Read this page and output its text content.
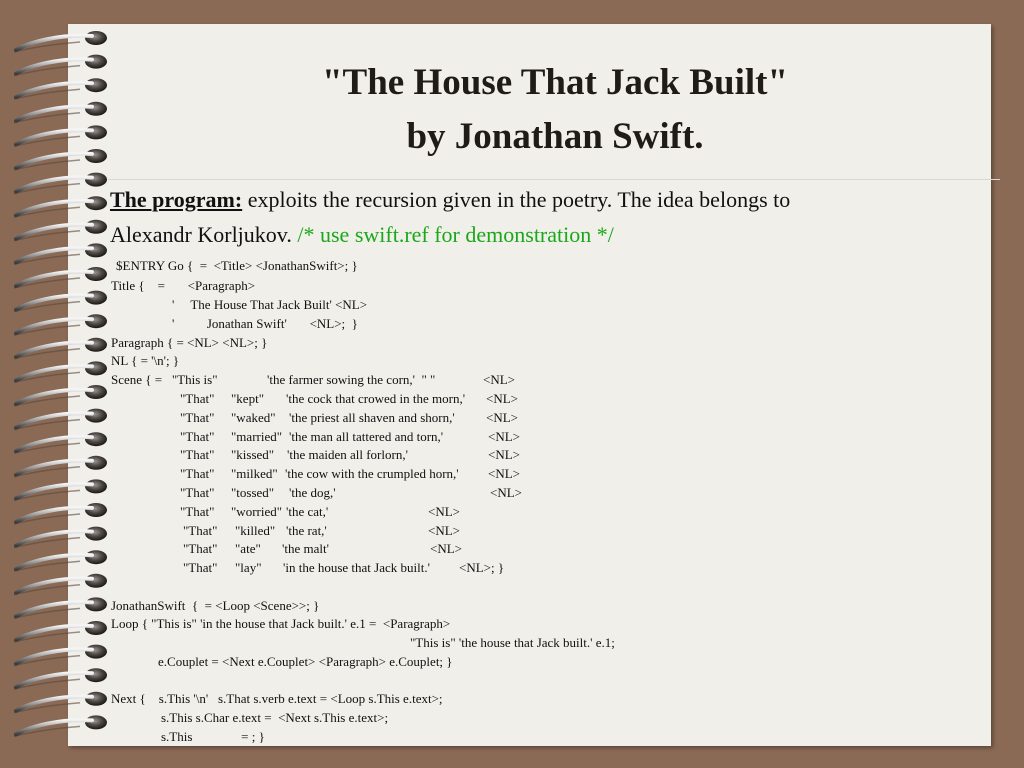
"The House That Jack Built"
by Jonathan Swift.
The program: exploits the recursion given in the poetry. The idea belongs to
Alexandr Korljukov. /* use swift.ref for demonstration */
$ENTRY Go {  =  <Title> <JonathanSwift>; }
Title {    =       <Paragraph>
'     The House That Jack Built' <NL>
'          Jonathan Swift'       <NL>;  }
Paragraph { = <NL> <NL>; }
NL { = '\n'; }
Scene { =   "This is"	'the farmer sowing the corn,'  " "	<NL>
"That" "kept" 'the cock that crowed in the morn,' <NL>
"That" "waked" 'the priest all shaven and shorn,' <NL>
"That" "married" 'the man all tattered and torn,'	<NL>
"That" "kissed" 'the maiden all forlorn,'	<NL>
"That" "milked" 'the cow with the crumpled horn,' <NL>
"That" "tossed" 'the dog,'	<NL>
"That" "worried" 'the cat,'	<NL>
"That" "killed" 'the rat,'	<NL>
"That" "ate" 'the malt'	<NL>
"That" "lay" 'in the house that Jack built.' <NL>; }
JonathanSwift  {  = <Loop <Scene>>; }
Loop { "This is" 'in the house that Jack built.' e.1 =  <Paragraph>
"This is" 'the house that Jack built.' e.1;
e.Couplet = <Next e.Couplet> <Paragraph> e.Couplet; }
Next {    s.This '\n'   s.That s.verb e.text = <Loop s.This e.text>;
s.This s.Char e.text =  <Next s.This e.text>;
s.This               = ; }
